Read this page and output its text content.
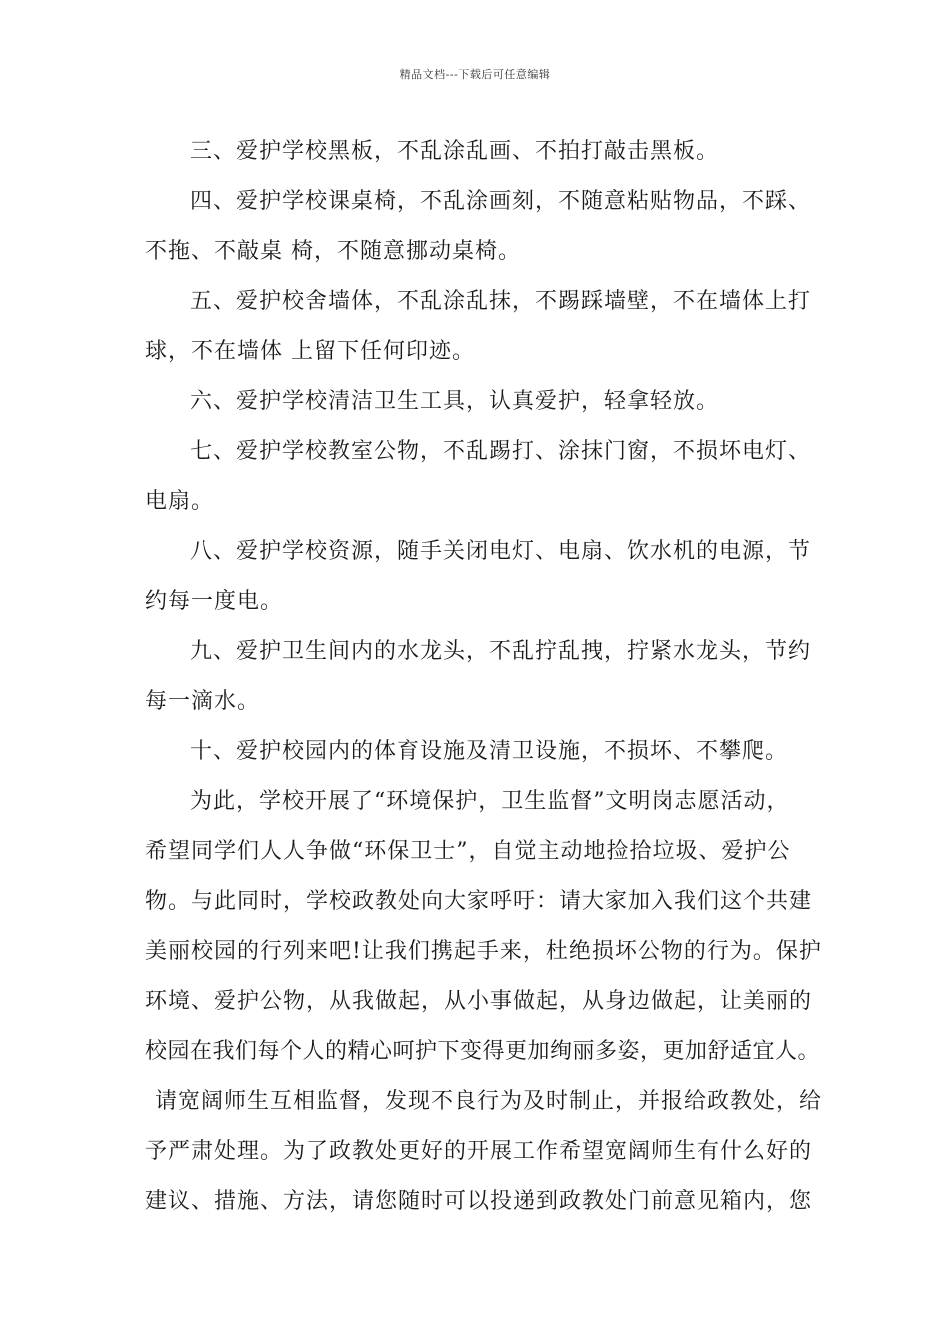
精品文档---下载后可任意编辑
三、爱护学校黑板，不乱涂乱画、不拍打敲击黑板。
四、爱护学校课桌椅，不乱涂画刻，不随意粘贴物品，不踩、
不拖、不敲桌 椅，不随意挪动桌椅。
五、爱护校舍墙体，不乱涂乱抹，不踢踩墙壁，不在墙体上打
球，不在墙体 上留下任何印迹。
六、爱护学校清洁卫生工具，认真爱护，轻拿轻放。
七、爱护学校教室公物，不乱踢打、涂抹门窗，不损坏电灯、
电扇。
八、爱护学校资源，随手关闭电灯、电扇、饮水机的电源，节
约每一度电。
九、爱护卫生间内的水龙头，不乱拧乱拽，拧紧水龙头，节约
每一滴水。
十、爱护校园内的体育设施及清卫设施，不损坏、不攀爬。
为此，学校开展了“环境保护，卫生监督”文明岗志愿活动，
希望同学们人人争做“环保卫士”，自觉主动地捡拾垃圾、爱护公
物。与此同时，学校政教处向大家呼吁：请大家加入我们这个共建
美丽校园的行列来吧!让我们携起手来，杜绝损坏公物的行为。保护
环境、爱护公物，从我做起，从小事做起，从身边做起，让美丽的
校园在我们每个人的精心呵护下变得更加绚丽多姿，更加舒适宜人。
请宽阔师生互相监督，发现不良行为及时制止，并报给政教处，给
予严肃处理。为了政教处更好的开展工作希望宽阔师生有什么好的
建议、措施、方法，请您随时可以投递到政教处门前意见箱内，您
